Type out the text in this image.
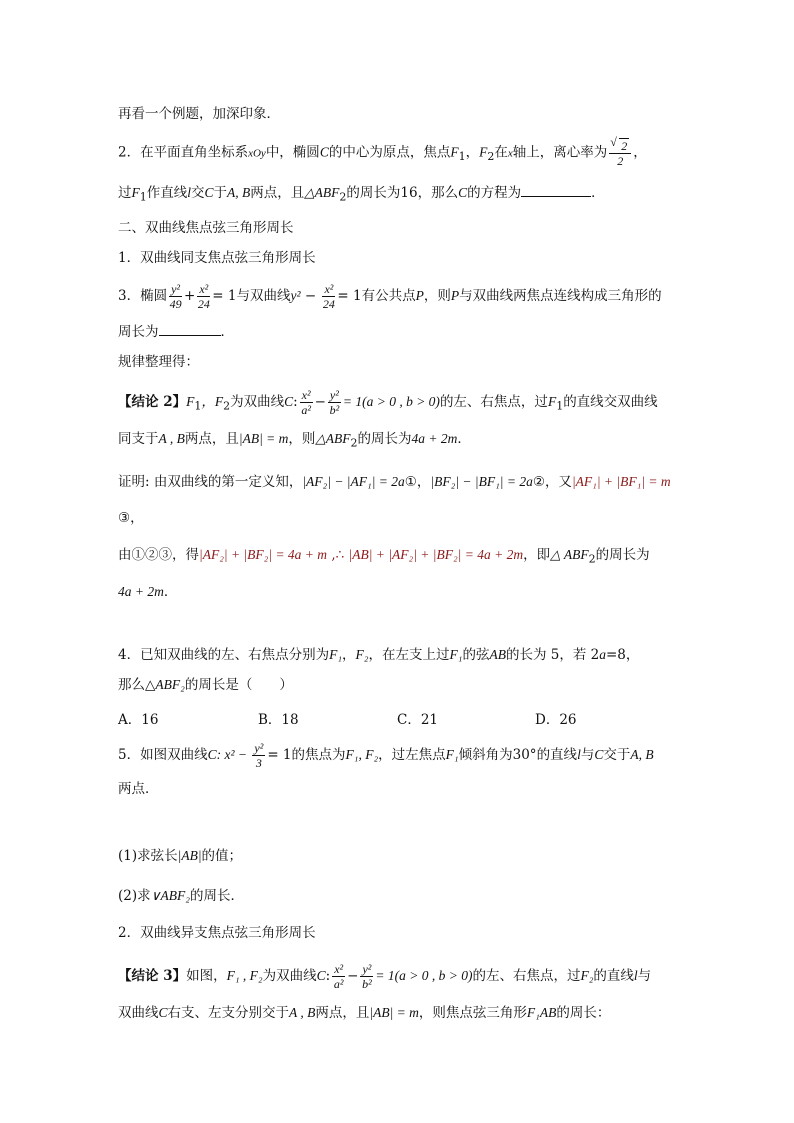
再看一个例题，加深印象．
2．在平面直角坐标系xOy中，椭圆C的中心为原点，焦点$F_1$，$F_2$在x轴上，离心率为
√ $\frac{2}{2}$ ，
过$F_1$作直线l交C于A, B两点，且$\triangle ABF_2$的周长为16，那么C的方程为	．
二、双曲线焦点弦三角形周长
1．双曲线同支焦点弦三角形周长
3．椭圆 $\frac{\text{y²}}{49} + \frac{\text{x²}}{24} = 1$与双曲线$y^2 - \frac{\text{x²}}{24} = 1$有公共点P，则P与双曲线两焦点连线构成三角形的
周长为	．
规律整理得：
【结论 2】$F_1$，$F_2$为双曲线C: $\frac{\text{x²}}{\text{a²}} - \frac{\text{y²}}{\text{b²}} = 1(a > 0$ , b > 0)的左、右焦点，过$F_1$的直线交双曲线
同支于A , B两点，且|AB| = m，则$\triangle ABF_2$的周长为4a + 2m．
证明: 由双曲线的第一定义知，|AF₂| − |AF₁| = 2a①，|BF₂| − |BF₁| = 2a②，又|AF₁| + |BF₁| = m
③，
由①②③，得|AF₂| + |BF₂| = 4a + m ,∴ |AB| + |AF₂| + |BF₂| = 4a + 2m，即△ $ABF_2$的周长为
4a + 2m．
4．已知双曲线的左、右焦点分别为F₁，F₂，在左支上过F₁的弦AB的长为 5，若 2a=8，
那么△ABF₂的周长是（　　）
A．16	B．18	C．21	D．26
5．如图双曲线C: $x^2 - \frac{\text{y²}}{3} = 1$的焦点为F₁, F₂，过左焦点F₁倾斜角为30°的直线l与C交于A, B
两点．
(1)求弦长|AB|的值；
(2)求∨ABF₂的周长．
2．双曲线异支焦点弦三角形周长
【结论 3】如图，F₁ , F₂为双曲线C: $\frac{\text{x²}}{\text{a²}} - \frac{\text{y²}}{\text{b²}} = 1(a > 0$ , b > 0)的左、右焦点，过F₂的直线l与
双曲线C右支、左支分别交于A , B两点，且|AB| = m，则焦点弦三角形F₁AB的周长：
